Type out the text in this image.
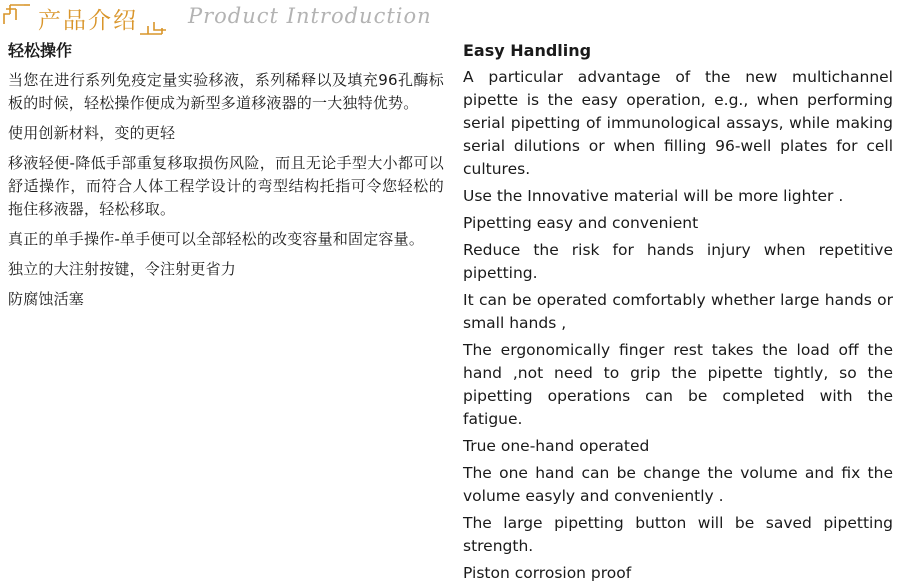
产品介绍 Product Introduction

轻松操作

当您在进行系列免疫定量实验移液，系列稀释以及填充96孔酶标板的时候，轻松操作便成为新型多道移液器的一大独特优势。

使用创新材料，变的更轻

移液轻便-降低手部重复移取损伤风险，而且无论手型大小都可以舒适操作，而符合人体工程学设计的弯型结构托指可令您轻松的拖住移液器，轻松移取。

真正的单手操作-单手便可以全部轻松的改变容量和固定容量。

独立的大注射按键，令注射更省力

防腐蚀活塞

Easy Handling

A particular advantage of the new multichannel pipette is the easy operation, e.g., when performing serial pipetting of immunological assays, while making serial dilutions or when filling 96-well plates for cell cultures.

Use the Innovative material will be more lighter .

Pipetting easy and convenient

Reduce the risk for hands injury when repetitive pipetting.

It can be operated comfortably whether large hands or small hands ,

The ergonomically finger rest takes the load off the hand ,not need to grip the pipette tightly, so the pipetting operations can be completed with the fatigue.

True one-hand operated

The one hand can be change the volume and fix the volume easyly and conveniently .

The large pipetting button will be saved pipetting strength.

Piston corrosion proof
